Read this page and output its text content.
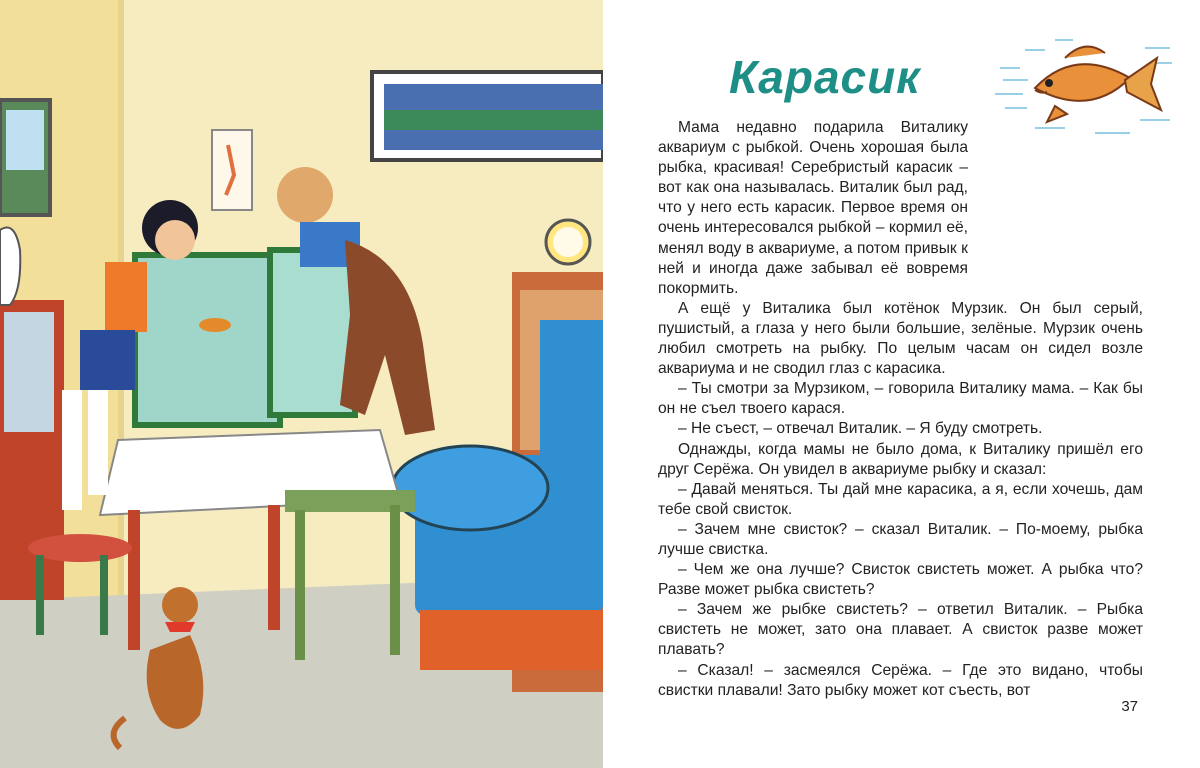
Карасик

Мама недавно подарила Виталику аквариум с рыбкой. Очень хорошая была рыбка, красивая! Серебристый карасик – вот как она называлась. Виталик был рад, что у него есть карасик. Первое время он очень интересовался рыбкой – кормил её, менял воду в аквариуме, а потом привык к ней и иногда даже забывал её вовремя покормить.

А ещё у Виталика был котёнок Мурзик. Он был серый, пушистый, а глаза у него были большие, зелёные. Мурзик очень любил смотреть на рыбку. По целым часам он сидел возле аквариума и не сводил глаз с карасика.

– Ты смотри за Мурзиком, – говорила Виталику мама. – Как бы он не съел твоего карася.

– Не съест, – отвечал Виталик. – Я буду смотреть.

Однажды, когда мамы не было дома, к Виталику пришёл его друг Серёжа. Он увидел в аквариуме рыбку и сказал:

– Давай меняться. Ты дай мне карасика, а я, если хочешь, дам тебе свой свисток.

– Зачем мне свисток? – сказал Виталик. – По-моему, рыбка лучше свистка.

– Чем же она лучше? Свисток свистеть может. А рыбка что? Разве может рыбка свистеть?

– Зачем же рыбке свистеть? – ответил Виталик. – Рыбка свистеть не может, зато она плавает. А свисток разве может плавать?

– Сказал! – засмеялся Серёжа. – Где это видано, чтобы свистки плавали! Зато рыбку может кот съесть, вот

37
